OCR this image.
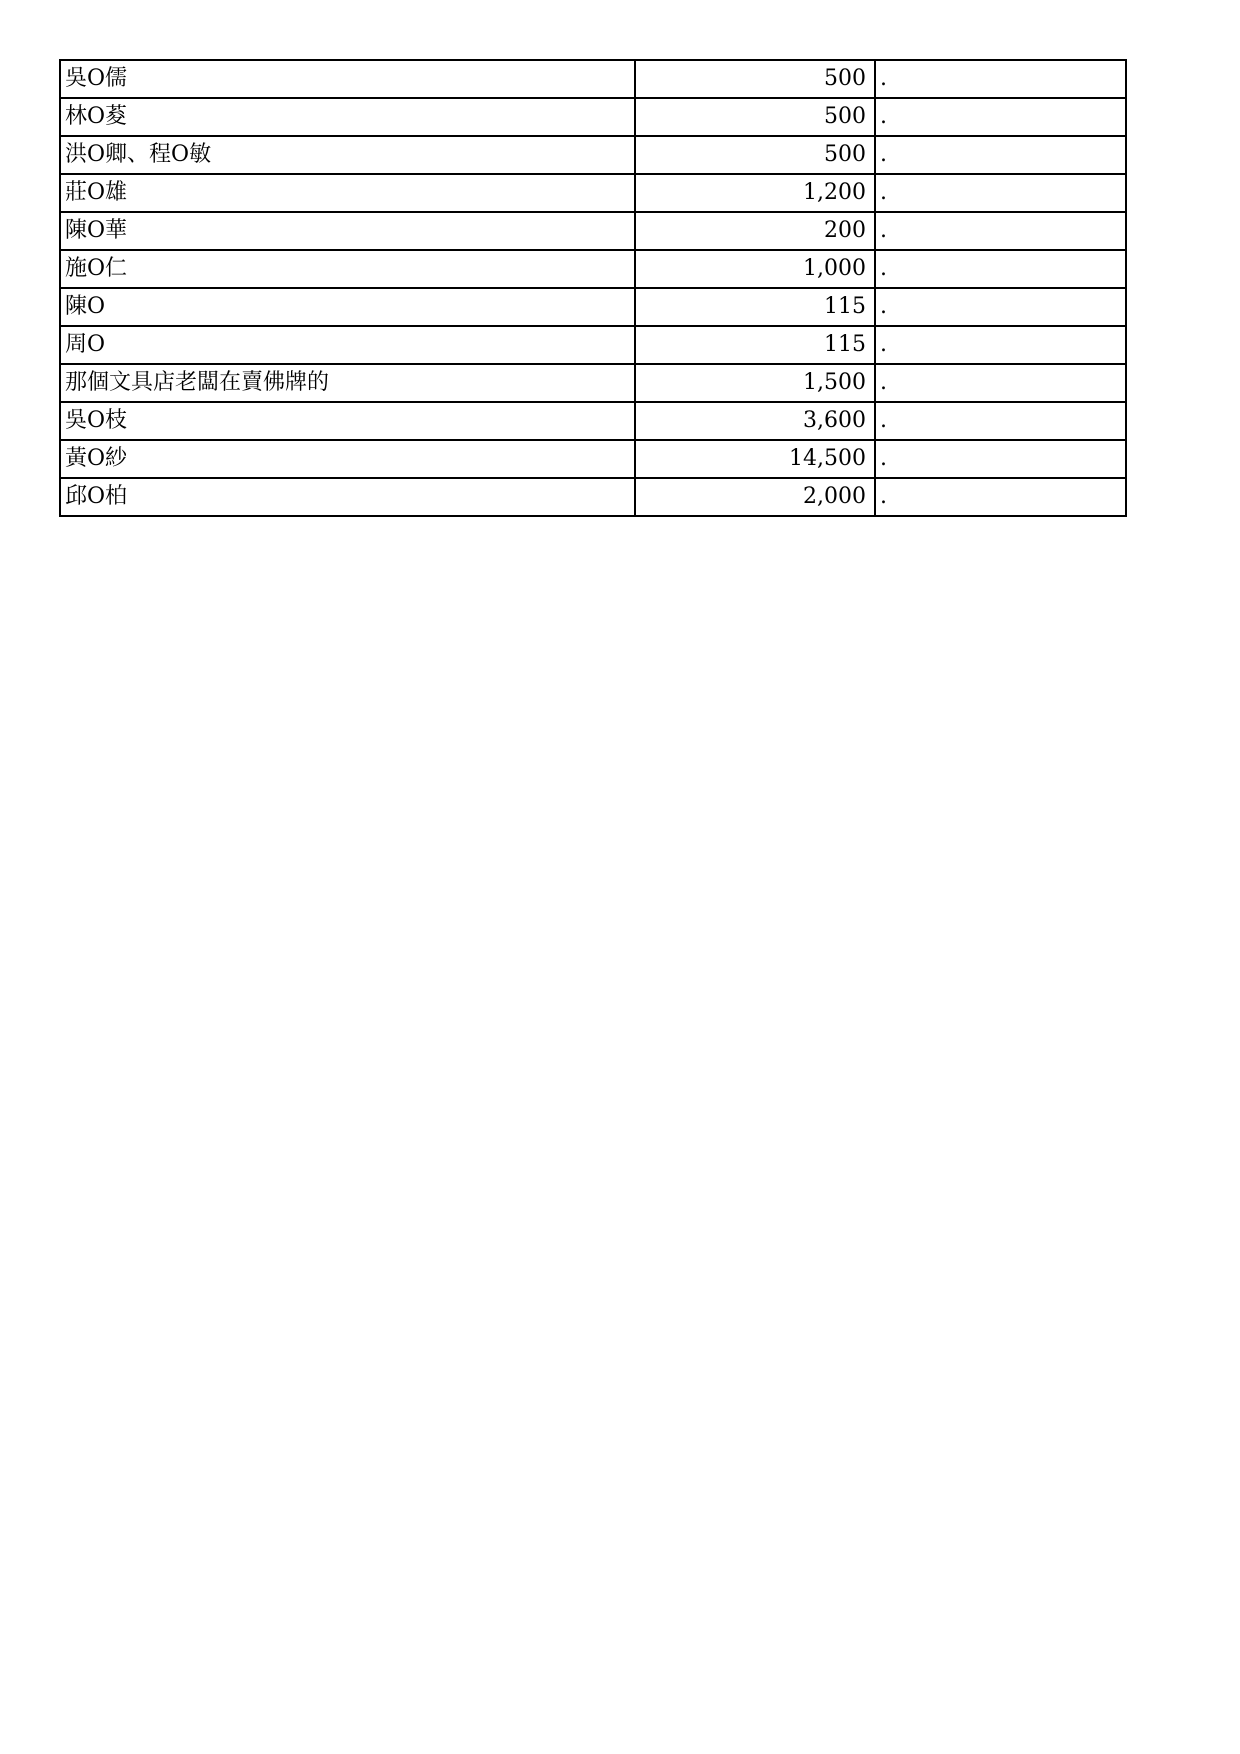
吳O儒	500	.
林O荾	500	.
洪O卿、程O敏	500	.
莊O雄	1,200	.
陳O華	200	.
施O仁	1,000	.
陳O	115	.
周O	115	.
那個文具店老闆在賣佛牌的	1,500	.
吳O枝	3,600	.
黃O紗	14,500	.
邱O柏	2,000	.
